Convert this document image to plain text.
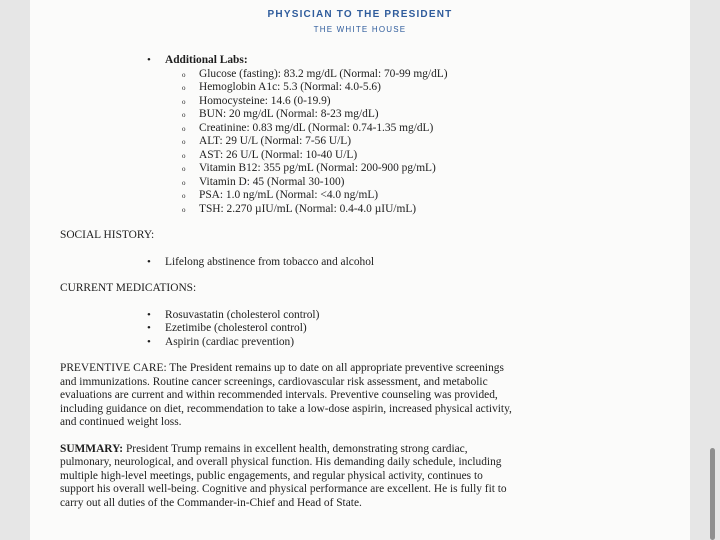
PHYSICIAN TO THE PRESIDENT
THE WHITE HOUSE
• Additional Labs:
o Glucose (fasting): 83.2 mg/dL (Normal: 70-99 mg/dL)
o Hemoglobin A1c: 5.3 (Normal: 4.0-5.6)
o Homocysteine: 14.6 (0-19.9)
o BUN: 20 mg/dL (Normal: 8-23 mg/dL)
o Creatinine: 0.83 mg/dL (Normal: 0.74-1.35 mg/dL)
o ALT: 29 U/L (Normal: 7-56 U/L)
o AST: 26 U/L (Normal: 10-40 U/L)
o Vitamin B12: 355 pg/mL (Normal: 200-900 pg/mL)
o Vitamin D: 45 (Normal 30-100)
o PSA: 1.0 ng/mL (Normal: <4.0 ng/mL)
o TSH: 2.270 µIU/mL (Normal: 0.4-4.0 µIU/mL)
SOCIAL HISTORY:
• Lifelong abstinence from tobacco and alcohol
CURRENT MEDICATIONS:
• Rosuvastatin (cholesterol control)
• Ezetimibe (cholesterol control)
• Aspirin (cardiac prevention)

PREVENTIVE CARE: The President remains up to date on all appropriate preventive screenings and immunizations. Routine cancer screenings, cardiovascular risk assessment, and metabolic evaluations are current and within recommended intervals. Preventive counseling was provided, including guidance on diet, recommendation to take a low-dose aspirin, increased physical activity, and continued weight loss.

SUMMARY: President Trump remains in excellent health, demonstrating strong cardiac, pulmonary, neurological, and overall physical function. His demanding daily schedule, including multiple high-level meetings, public engagements, and regular physical activity, continues to support his overall well-being. Cognitive and physical performance are excellent. He is fully fit to carry out all duties of the Commander-in-Chief and Head of State.
